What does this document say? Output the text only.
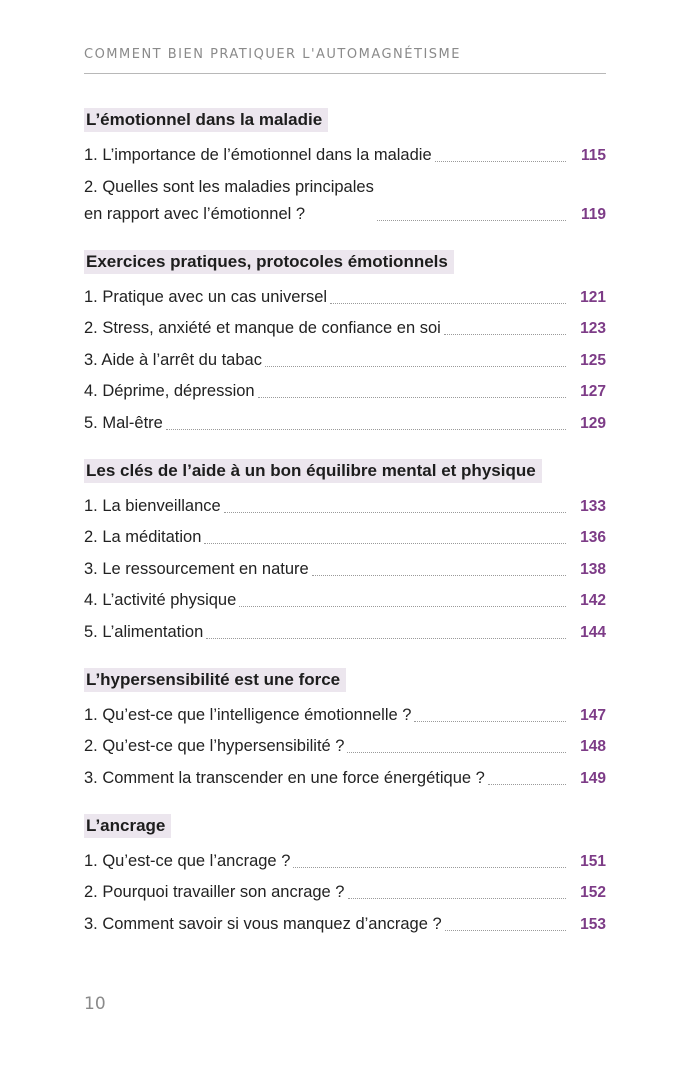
COMMENT BIEN PRATIQUER L'AUTOMAGNÉTISME
L’émotionnel dans la maladie
1. L’importance de l’émotionnel dans la maladie	115
2. Quelles sont les maladies principales
en rapport avec l’émotionnel ?	119
Exercices pratiques, protocoles émotionnels
1. Pratique avec un cas universel	121
2. Stress, anxiété et manque de confiance en soi	123
3. Aide à l’arrêt du tabac	125
4. Déprime, dépression	127
5. Mal-être	129
Les clés de l’aide à un bon équilibre mental et physique
1. La bienveillance	133
2. La méditation	136
3. Le ressourcement en nature	138
4. L’activité physique	142
5. L’alimentation	144
L’hypersensibilité est une force
1. Qu’est-ce que l’intelligence émotionnelle ?	147
2. Qu’est-ce que l’hypersensibilité ?	148
3. Comment la transcender en une force énergétique ?	149
L’ancrage
1. Qu’est-ce que l’ancrage ?	151
2. Pourquoi travailler son ancrage ?	152
3. Comment savoir si vous manquez d’ancrage ?	153
10
